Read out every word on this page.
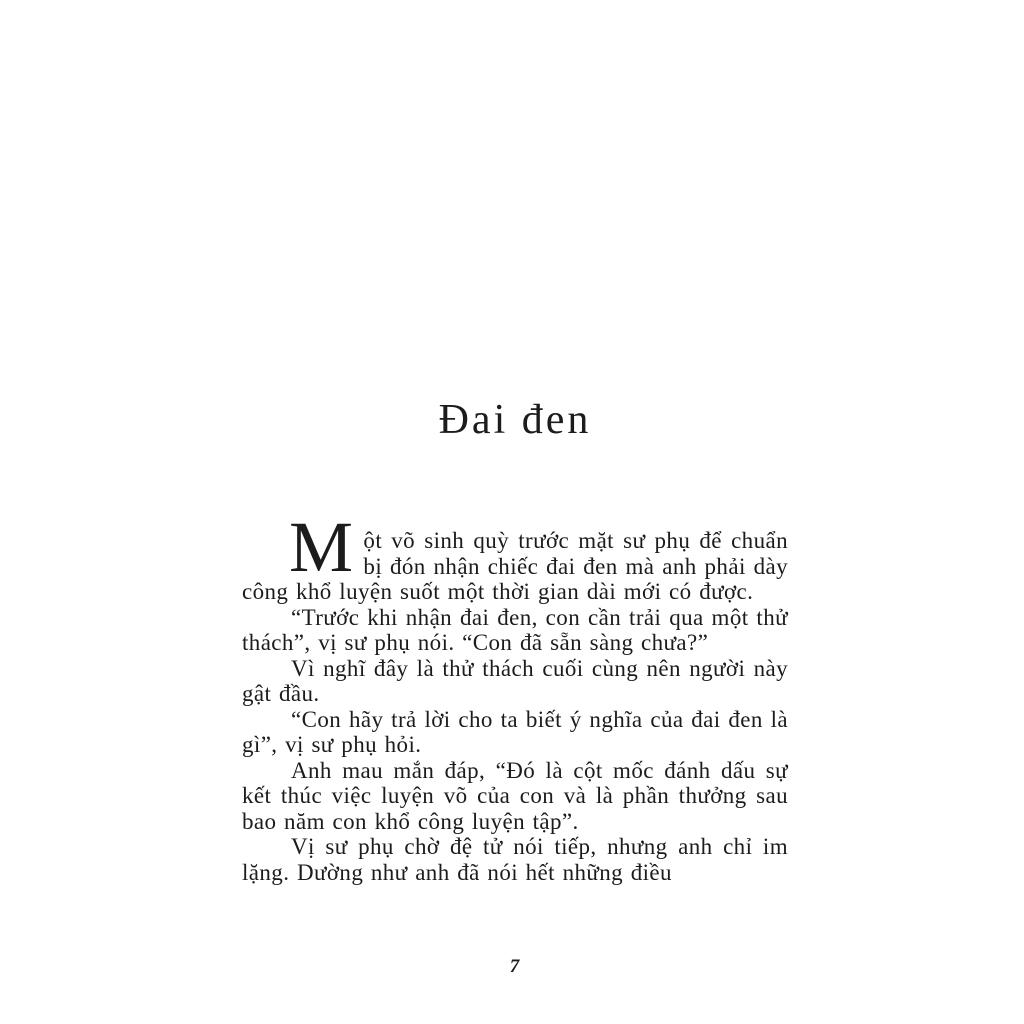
Đai đen

Một võ sinh quỳ trước mặt sư phụ để chuẩn bị đón nhận chiếc đai đen mà anh phải dày công khổ luyện suốt một thời gian dài mới có được.

“Trước khi nhận đai đen, con cần trải qua một thử thách”, vị sư phụ nói. “Con đã sẵn sàng chưa?”

Vì nghĩ đây là thử thách cuối cùng nên người này gật đầu.

“Con hãy trả lời cho ta biết ý nghĩa của đai đen là gì”, vị sư phụ hỏi.

Anh mau mắn đáp, “Đó là cột mốc đánh dấu sự kết thúc việc luyện võ của con và là phần thưởng sau bao năm con khổ công luyện tập”.

Vị sư phụ chờ đệ tử nói tiếp, nhưng anh chỉ im lặng. Dường như anh đã nói hết những điều

7
